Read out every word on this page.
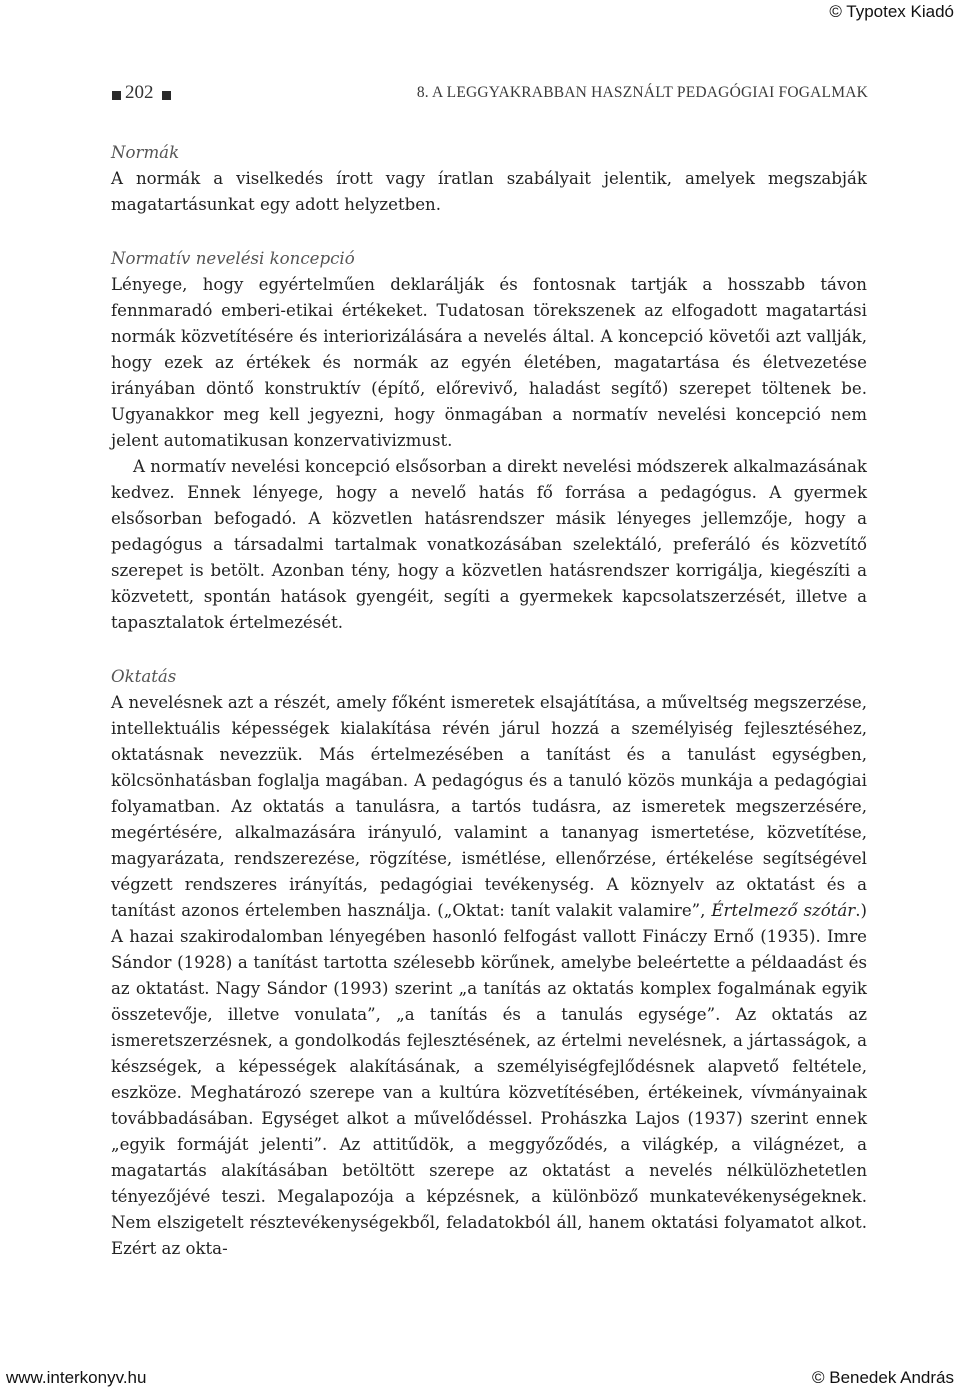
© Typotex Kiadó
202	8. A LEGGYAKRABBAN HASZNÁLT PEDAGÓGIAI FOGALMAK

Normák

A normák a viselkedés írott vagy íratlan szabályait jelentik, amelyek megszabják magatartásunkat egy adott helyzetben.

Normatív nevelési koncepció

Lényege, hogy egyértelműen deklarálják és fontosnak tartják a hosszabb távon fennmaradó emberi-etikai értékeket. Tudatosan törekszenek az elfogadott magatartási normák közvetítésére és interiorizálására a nevelés által. A koncepció követői azt vallják, hogy ezek az értékek és normák az egyén életében, magatartása és életvezetése irányában döntő konstruktív (építő, előrevivő, haladást segítő) szerepet töltenek be. Ugyanakkor meg kell jegyezni, hogy önmagában a normatív nevelési koncepció nem jelent automatikusan konzervativizmust.

A normatív nevelési koncepció elsősorban a direkt nevelési módszerek alkalmazásának kedvez. Ennek lényege, hogy a nevelő hatás fő forrása a pedagógus. A gyermek elsősorban befogadó. A közvetlen hatásrendszer másik lényeges jellemzője, hogy a pedagógus a társadalmi tartalmak vonatkozásában szelektáló, preferáló és közvetítő szerepet is betölt. Azonban tény, hogy a közvetlen hatásrendszer korrigálja, kiegészíti a közvetett, spontán hatások gyengéit, segíti a gyermekek kapcsolatszerzését, illetve a tapasztalatok értelmezését.

Oktatás

A nevelésnek azt a részét, amely főként ismeretek elsajátítása, a műveltség megszerzése, intellektuális képességek kialakítása révén járul hozzá a személyiség fejlesztéséhez, oktatásnak nevezzük. Más értelmezésében a tanítást és a tanulást egységben, kölcsönhatásban foglalja magában. A pedagógus és a tanuló közös munkája a pedagógiai folyamatban. Az oktatás a tanulásra, a tartós tudásra, az ismeretek megszerzésére, megértésére, alkalmazására irányuló, valamint a tananyag ismertetése, közvetítése, magyarázata, rendszerezése, rögzítése, ismétlése, ellenőrzése, értékelése segítségével végzett rendszeres irányítás, pedagógiai tevékenység. A köznyelv az oktatást és a tanítást azonos értelemben használja. („Oktat: tanít valakit valamire”, Értelmező szótár.) A hazai szakirodalomban lényegében hasonló felfogást vallott Fináczy Ernő (1935). Imre Sándor (1928) a tanítást tartotta szélesebb körűnek, amelybe beleértette a példaadást és az oktatást. Nagy Sándor (1993) szerint „a tanítás az oktatás komplex fogalmának egyik összetevője, illetve vonulata”, „a tanítás és a tanulás egysége”. Az oktatás az ismeretszerzésnek, a gondolkodás fejlesztésének, az értelmi nevelésnek, a jártasságok, a készségek, a képességek alakításának, a személyiségfejlődésnek alapvető feltétele, eszköze. Meghatározó szerepe van a kultúra közvetítésében, értékeinek, vívmányainak továbbadásában. Egységet alkot a művelődéssel. Prohászka Lajos (1937) szerint ennek „egyik formáját jelenti”. Az attitűdök, a meggyőződés, a világkép, a világnézet, a magatartás alakításában betöltött szerepe az oktatást a nevelés nélkülözhetetlen tényezőjévé teszi. Megalapozója a képzésnek, a különböző munkatevékenységeknek. Nem elszigetelt résztevékenységekből, feladatokból áll, hanem oktatási folyamatot alkot. Ezért az okta-

www.interkonyv.hu	© Benedek András
